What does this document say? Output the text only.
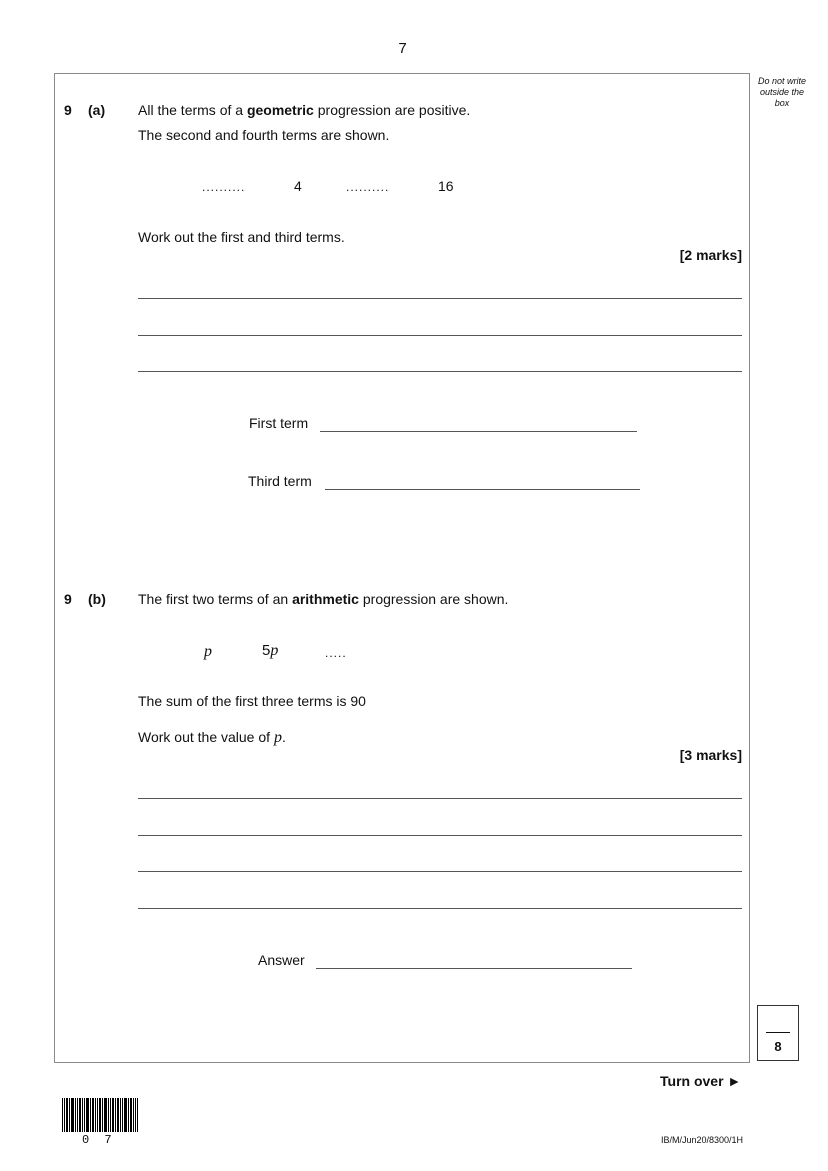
7
Do not write
outside the
box
9 (a) All the terms of a geometric progression are positive.
The second and fourth terms are shown.
..........	4	..........	16
Work out the first and third terms.
[2 marks]
First term
Third term
9 (b) The first two terms of an arithmetic progression are shown.
p	5p	.....
The sum of the first three terms is 90
Work out the value of p.
[3 marks]
Answer
8
Turn over ►
0 7	IB/M/Jun20/8300/1H
